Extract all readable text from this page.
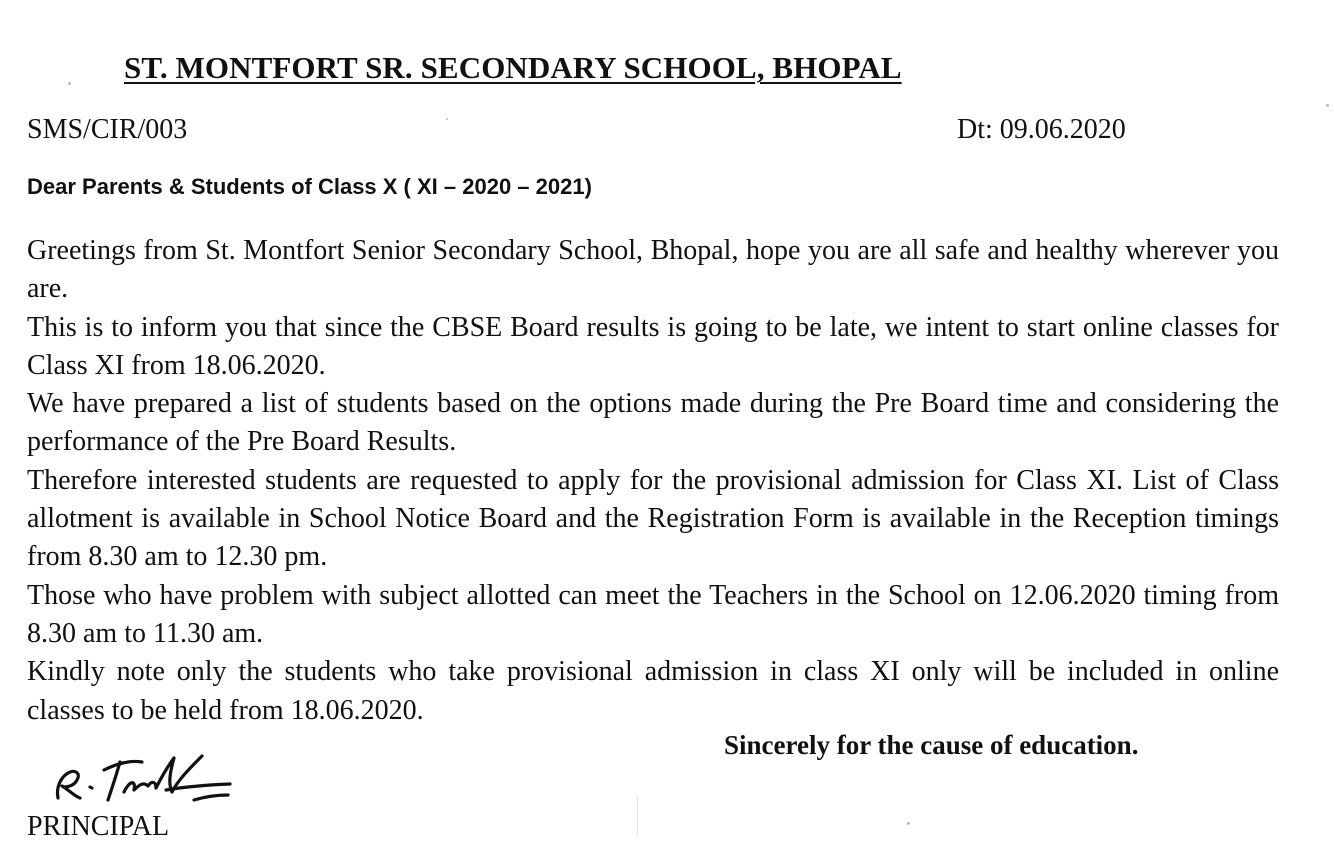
ST. MONTFORT SR. SECONDARY SCHOOL, BHOPAL
SMS/CIR/003	Dt: 09.06.2020
Dear Parents & Students of Class X ( XI – 2020 – 2021)

Greetings from St. Montfort Senior Secondary School, Bhopal, hope you are all safe and healthy wherever you are.

This is to inform you that since the CBSE Board results is going to be late, we intent to start online classes for Class XI from 18.06.2020.

We have prepared a list of students based on the options made during the Pre Board time and considering the performance of the Pre Board Results.

Therefore interested students are requested to apply for the provisional admission for Class XI. List of Class allotment is available in School Notice Board and the Registration Form is available in the Reception timings from 8.30 am to 12.30 pm.

Those who have problem with subject allotted can meet the Teachers in the School on 12.06.2020 timing from 8.30 am to 11.30 am.

Kindly note only the students who take provisional admission in class XI only will be included in online classes to be held from 18.06.2020.

Sincerely for the cause of education.
PRINCIPAL
